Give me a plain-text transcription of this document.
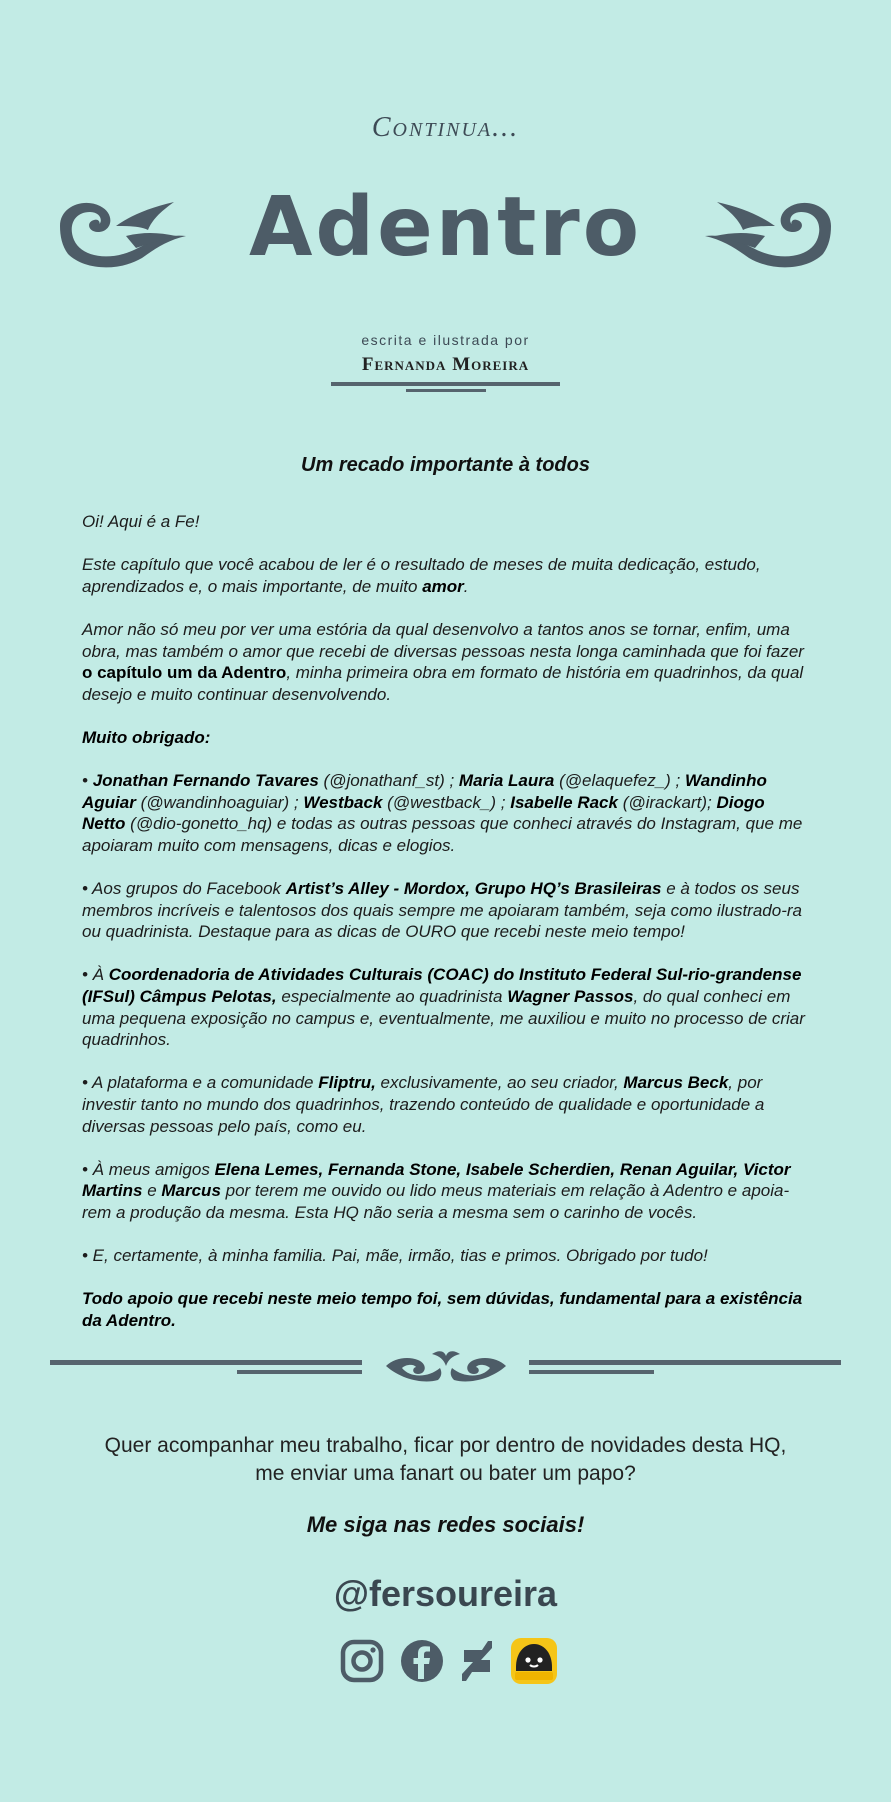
Continua...
Adentro
escrita e ilustrada por
Fernanda Moreira
Um recado importante à todos

Oi! Aqui é a Fe!

Este capítulo que você acabou de ler é o resultado de meses de muita dedicação, estudo, aprendizados e, o mais importante, de muito amor.

Amor não só meu por ver uma estória da qual desenvolvo a tantos anos se tornar, enfim, uma obra, mas também o amor que recebi de diversas pessoas nesta longa caminhada que foi fazer o capítulo um da Adentro, minha primeira obra em formato de história em quadrinhos, da qual desejo e muito continuar desenvolvendo.

Muito obrigado:

• Jonathan Fernando Tavares (@jonathanf_st) ; Maria Laura (@elaquefez_) ; Wandinho Aguiar (@wandinhoaguiar) ; Westback (@westback_) ; Isabelle Rack (@irackart); Diogo Netto (@dio-gonetto_hq) e todas as outras pessoas que conheci através do Instagram, que me apoiaram muito com mensagens, dicas e elogios.

• Aos grupos do Facebook Artist’s Alley - Mordox, Grupo HQ’s Brasileiras e à todos os seus membros incríveis e talentosos dos quais sempre me apoiaram também, seja como ilustrado-ra ou quadrinista. Destaque para as dicas de OURO que recebi neste meio tempo!

• À Coordenadoria de Atividades Culturais (COAC) do Instituto Federal Sul-rio-grandense (IFSul) Câmpus Pelotas, especialmente ao quadrinista Wagner Passos, do qual conheci em uma pequena exposição no campus e, eventualmente, me auxiliou e muito no processo de criar quadrinhos.

• A plataforma e a comunidade Fliptru, exclusivamente, ao seu criador, Marcus Beck, por investir tanto no mundo dos quadrinhos, trazendo conteúdo de qualidade e oportunidade a diversas pessoas pelo país, como eu.

• À meus amigos Elena Lemes, Fernanda Stone, Isabele Scherdien, Renan Aguilar, Victor Martins e Marcus por terem me ouvido ou lido meus materiais em relação à Adentro e apoia-rem a produção da mesma. Esta HQ não seria a mesma sem o carinho de vocês.

• E, certamente, à minha familia. Pai, mãe, irmão, tias e primos. Obrigado por tudo!

Todo apoio que recebi neste meio tempo foi, sem dúvidas, fundamental para a existência da Adentro.

Quer acompanhar meu trabalho, ficar por dentro de novidades desta HQ,
me enviar uma fanart ou bater um papo?
Me siga nas redes sociais!
@fersoureira
